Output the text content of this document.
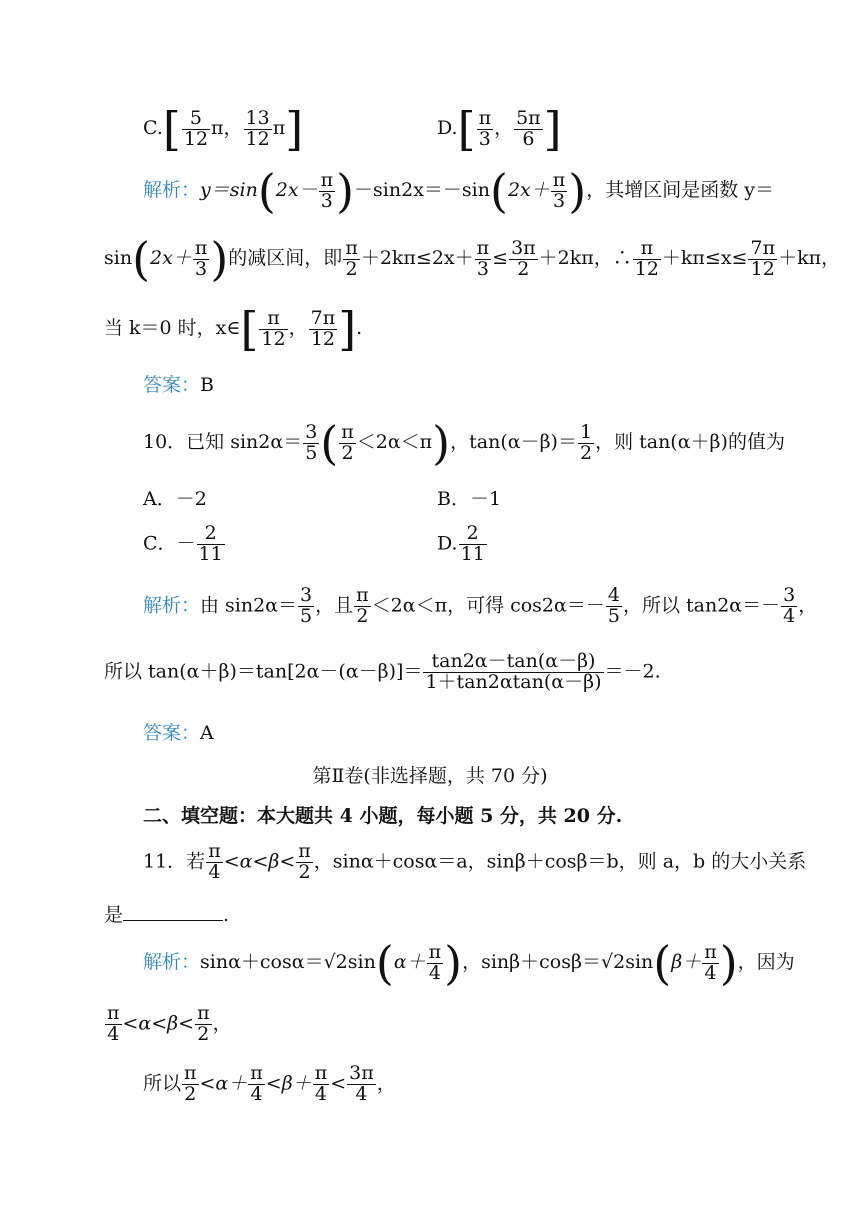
$C.[ \frac{5}{12}$ π， $\frac{13}{12} \pi$]	$D.[ \frac{\pi}{3}$ ， $\frac{5\pi}{6}$ ]
解析：$y=\sin(2x- \frac{\pi}{3} )-\sin 2x=-\sin(2x+ \frac{\pi}{3}$ )，其增区间是函数 y＝
$\sin(2x+ \frac{\pi}{3}$ )的减区间，即 $\frac{\pi}{2} +2k\pi\le 2x+ \frac{\pi}{3} \le \frac{3\pi}{2} +2k\pi$，∴ $\frac{\pi}{12} +k\pi\le x\le \frac{7\pi}{12} +k\pi$，
当 k＝0 时，x∈[ $\frac{\pi}{12}$ ， $\frac{7\pi}{12}$ ].
答案：B
10．已知 $\sin 2\alpha= \frac{3}{5}$ ( $\frac{\pi}{2} <2\alpha<\pi$)，$\tan(\alpha-\beta)= \frac{1}{2}$ ，则 tan(α＋β)的值为
A．－2	B．－1
C．－ $\frac{2}{11}$	D. $\frac{2}{11}$
解析：由 $\sin 2\alpha= \frac{3}{5}$ ，且 $\frac{\pi}{2} <2\alpha<\pi$，可得 $\cos 2\alpha=- \frac{4}{5}$ ，所以 $\tan 2\alpha=- \frac{3}{4}$ ，
所以 $\tan(\alpha+\beta)=\tan[2\alpha-(\alpha-\beta)]= \frac{\tan 2\alpha-\tan(\alpha-\beta)}{1+\tan 2\alpha\tan(\alpha-\beta)} =-2$.
答案：A
第Ⅱ卷(非选择题，共 70 分)
二、填空题：本大题共 4 小题，每小题 5 分，共 20 分.
11．若 $\frac{\pi}{4} <\alpha<\beta< \frac{\pi}{2}$ ，sinα＋cosα＝a，sinβ＋cosβ＝b，则 a，b 的大小关系
是	.
解析：$\sin\alpha+\cos\alpha=√2\sin(\alpha+ \frac{\pi}{4}$ )，$\sin\beta+\cos\beta=√2\sin(\beta+ \frac{\pi}{4}$ )，因为
$\frac{\pi}{4} <\alpha<\beta< \frac{\pi}{2}$ ，
所以 $\frac{\pi}{2} <\alpha+ \frac{\pi}{4} <\beta+ \frac{\pi}{4} < \frac{3\pi}{4}$ ，
